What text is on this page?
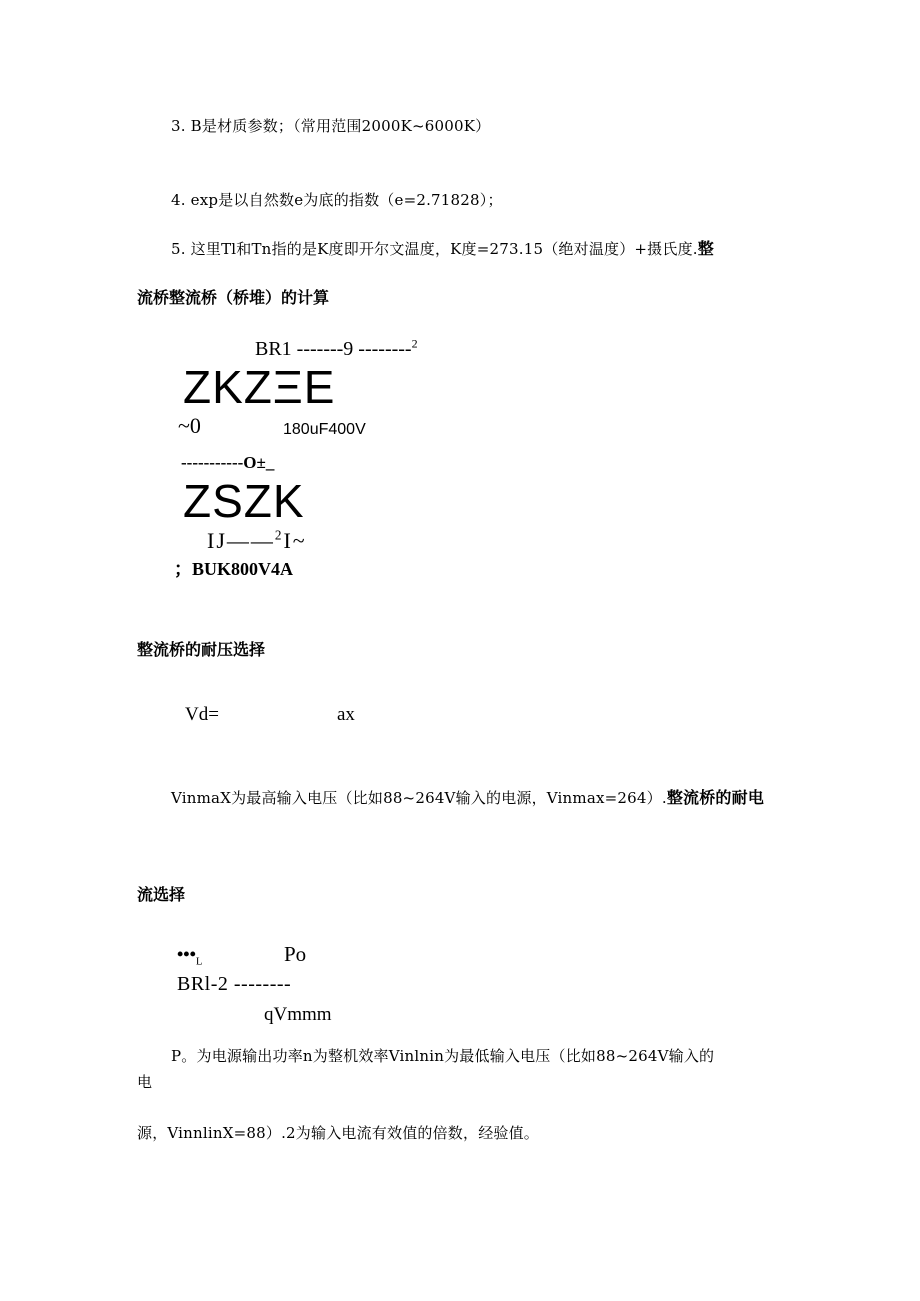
3. B是材质参数；（常用范围2000K~6000K）
4. exp是以自然数e为底的指数（e=2.71828）；
5. 这里Tl和Tn指的是K度即开尔文温度，K度=273.15（绝对温度）+摄氏度.整
流桥整流桥（桥堆）的计算
BR1 -------9 --------$^2$
ZKZΞE
~0	180uF400V
-----------O±_
ZSZK
IJ——$^2$I~
；BUK800V4A
整流桥的耐压选择
Vd=	ax
VinmaX为最高输入电压（比如88~264V输入的电源，Vinmax=264）.整流桥的耐电
流选择
$•••_L$	Po
BRl-2 --------
qVmmm
P。为电源输出功率n为整机效率Vinlnin为最低输入电压（比如88~264V输入的
电
源，VinnlinX=88）.2为输入电流有效值的倍数，经验值。
